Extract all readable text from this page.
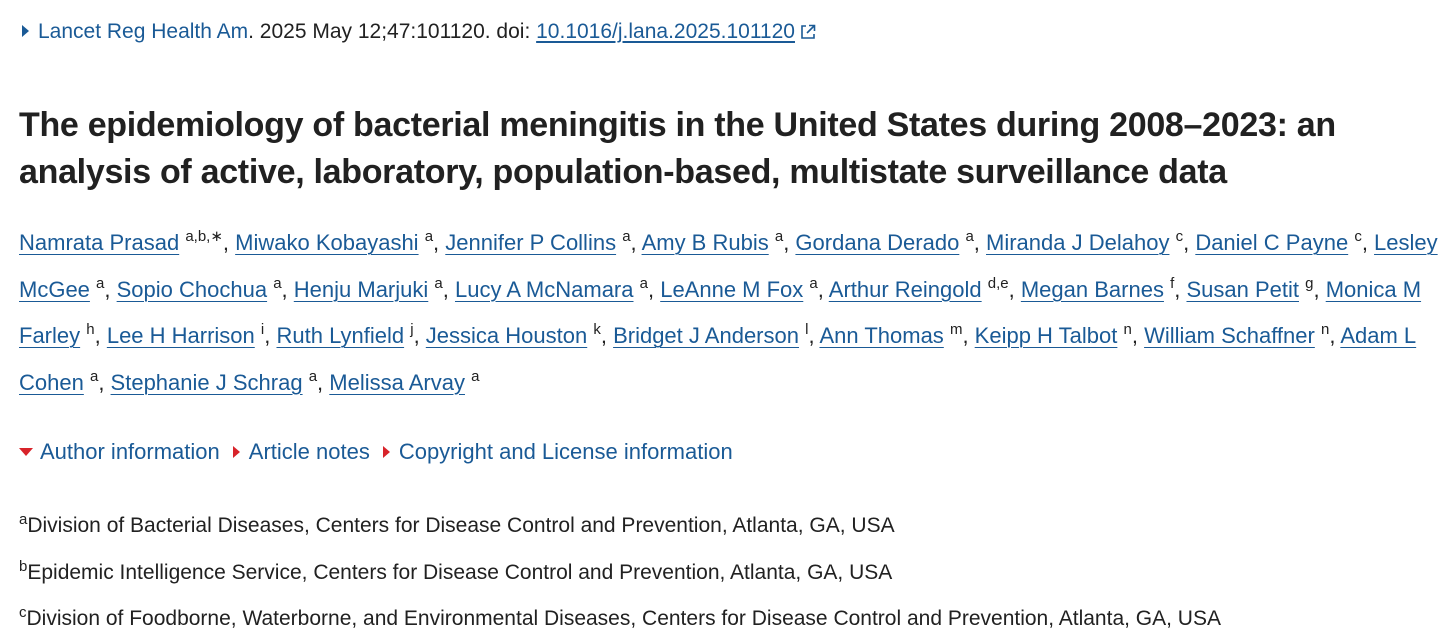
Lancet Reg Health Am. 2025 May 12;47:101120. doi: 10.1016/j.lana.2025.101120
The epidemiology of bacterial meningitis in the United States during 2008–2023: an analysis of active, laboratory, population-based, multistate surveillance data
Namrata Prasad $^{a,b,∗}$, Miwako Kobayashi $^a$, Jennifer P Collins $^a$, Amy B Rubis $^a$, Gordana Derado $^a$, Miranda J Delahoy $^c$, Daniel C Payne $^c$, Lesley McGee $^a$, Sopio Chochua $^a$, Henju Marjuki $^a$, Lucy A McNamara $^a$, LeAnne M Fox $^a$, Arthur Reingold $^{d,e}$, Megan Barnes $^f$, Susan Petit $^g$, Monica M Farley $^h$, Lee H Harrison $^i$, Ruth Lynfield $^j$, Jessica Houston $^k$, Bridget J Anderson $^l$, Ann Thomas $^m$, Keipp H Talbot $^n$, William Schaffner $^n$, Adam L Cohen $^a$, Stephanie J Schrag $^a$, Melissa Arvay $^a$
Author information Article notes Copyright and License information
$^a$Division of Bacterial Diseases, Centers for Disease Control and Prevention, Atlanta, GA, USA
$^b$Epidemic Intelligence Service, Centers for Disease Control and Prevention, Atlanta, GA, USA
$^c$Division of Foodborne, Waterborne, and Environmental Diseases, Centers for Disease Control and Prevention, Atlanta, GA, USA
